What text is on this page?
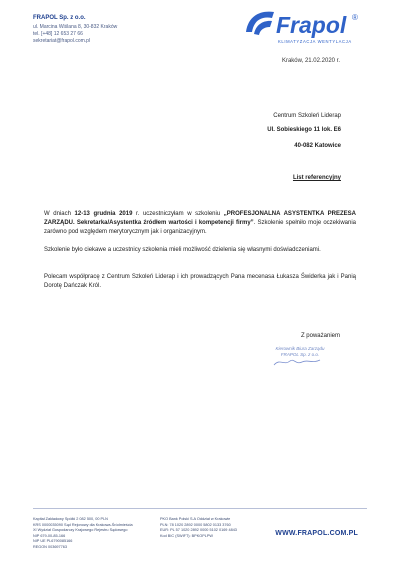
FRAPOL Sp. z o.o.
ul. Marcina Wiślana 8, 30-832 Kraków
tel. [+48] 12 653 27 66
sekretariat@frapol.com.pl
Frapol ®
KLIMATYZACJA WENTYLACJA
Kraków, 21.02.2020 r.
Centrum Szkoleń Liderap
Ul. Sobieskiego 11 lok. E6
40-082 Katowice
List referencyjny
W dniach 12-13 grudnia 2019 r. uczestniczyłam w szkoleniu „PROFESJONALNA ASYSTENTKA PREZESA ZARZĄDU. Sekretarka/Asystentka źródłem wartości i kompetencji firmy”. Szkolenie spełniło moje oczekiwania zarówno pod względem merytorycznym jak i organizacyjnym.
Szkolenie było ciekawe a uczestnicy szkolenia mieli możliwość dzielenia się własnymi doświadczeniami.
Polecam współpracę z Centrum Szkoleń Liderap i ich prowadzących Pana mecenasa Łukasza Świderka jak i Panią Dorotę Dańczak Król.
Z poważaniem
Kierownik Biura Zarządu
FRAPOL Sp. z o.o.
Kapitał Zakładowy Spółki 2 082 500, 00 PLN
KRS 0000035090 Sąd Rejonowy dla Krakowa-Śródmieścia
XI Wydział Gospodarczy Krajowego Rejestru Sądowego
NIP 679-00-85-166
NIP UE PL6790085166
REGON 003697763
PKO Bank Polski S.A Oddział w Krakowie
PLN: 78 1020 2892 0000 5802 0133 3760
EUR: PL 57 1020 2892 0000 5102 0169 4843
Kod BIC (SWIFT): BPKOPLPW	WWW.FRAPOL.COM.PL
